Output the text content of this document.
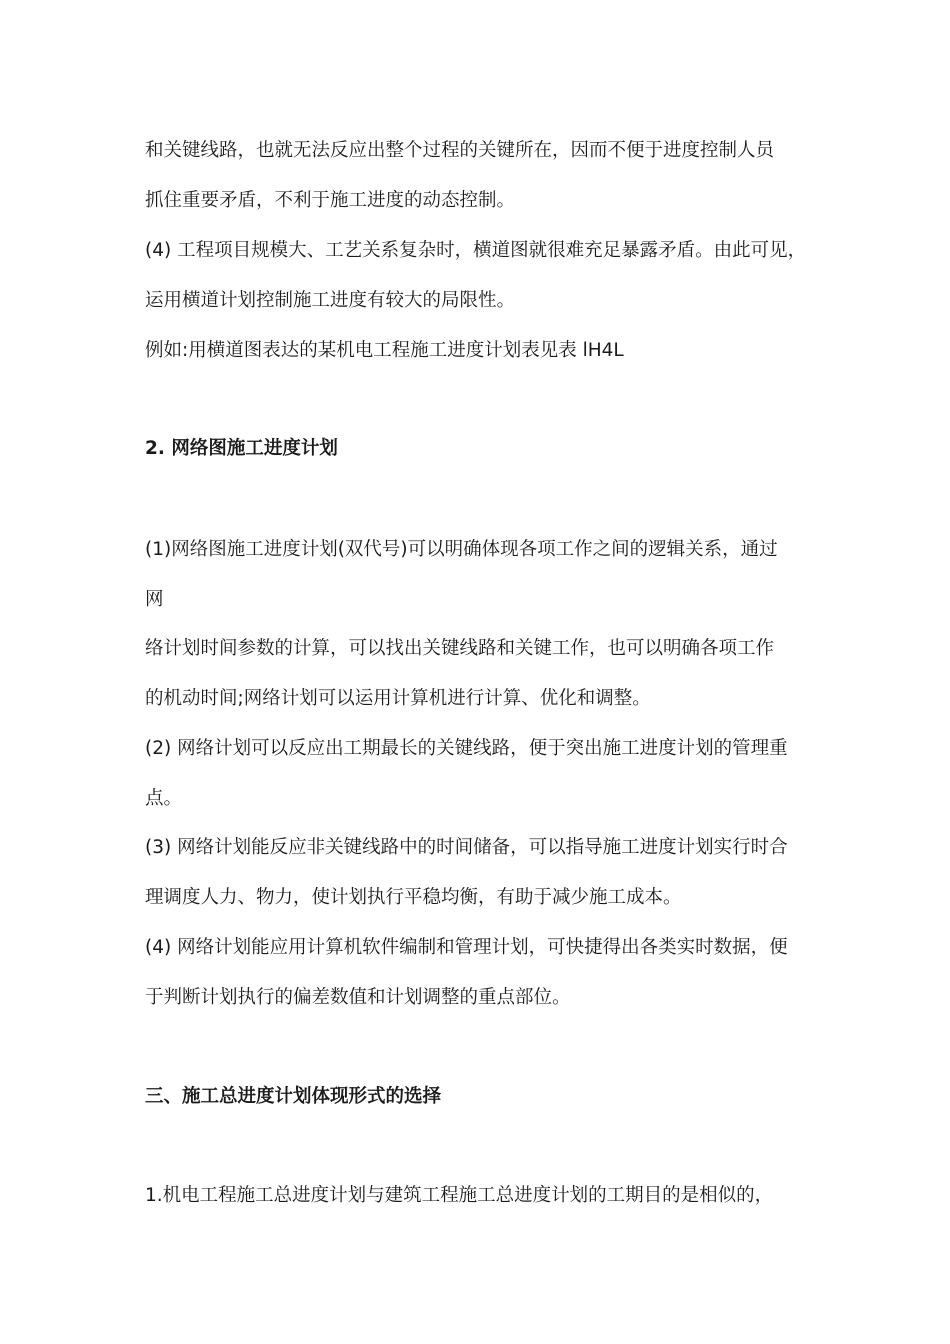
和关键线路，也就无法反应出整个过程的关键所在，因而不便于进度控制人员
抓住重要矛盾，不利于施工进度的动态控制。
(4) 工程项目规模大、工艺关系复杂时，横道图就很难充足暴露矛盾。由此可见，
运用横道计划控制施工进度有较大的局限性。
例如:用横道图表达的某机电工程施工进度计划表见表 lH4L
2. 网络图施工进度计划
(1)网络图施工进度计划(双代号)可以明确体现各项工作之间的逻辑关系，通过
网
络计划时间参数的计算，可以找出关键线路和关键工作，也可以明确各项工作
的机动时间;网络计划可以运用计算机进行计算、优化和调整。
(2) 网络计划可以反应出工期最长的关键线路，便于突出施工进度计划的管理重
点。
(3) 网络计划能反应非关键线路中的时间储备，可以指导施工进度计划实行时合
理调度人力、物力，使计划执行平稳均衡，有助于减少施工成本。
(4) 网络计划能应用计算机软件编制和管理计划，可快捷得出各类实时数据，便
于判断计划执行的偏差数值和计划调整的重点部位。
三、施工总进度计划体现形式的选择
1.机电工程施工总进度计划与建筑工程施工总进度计划的工期目的是相似的，
